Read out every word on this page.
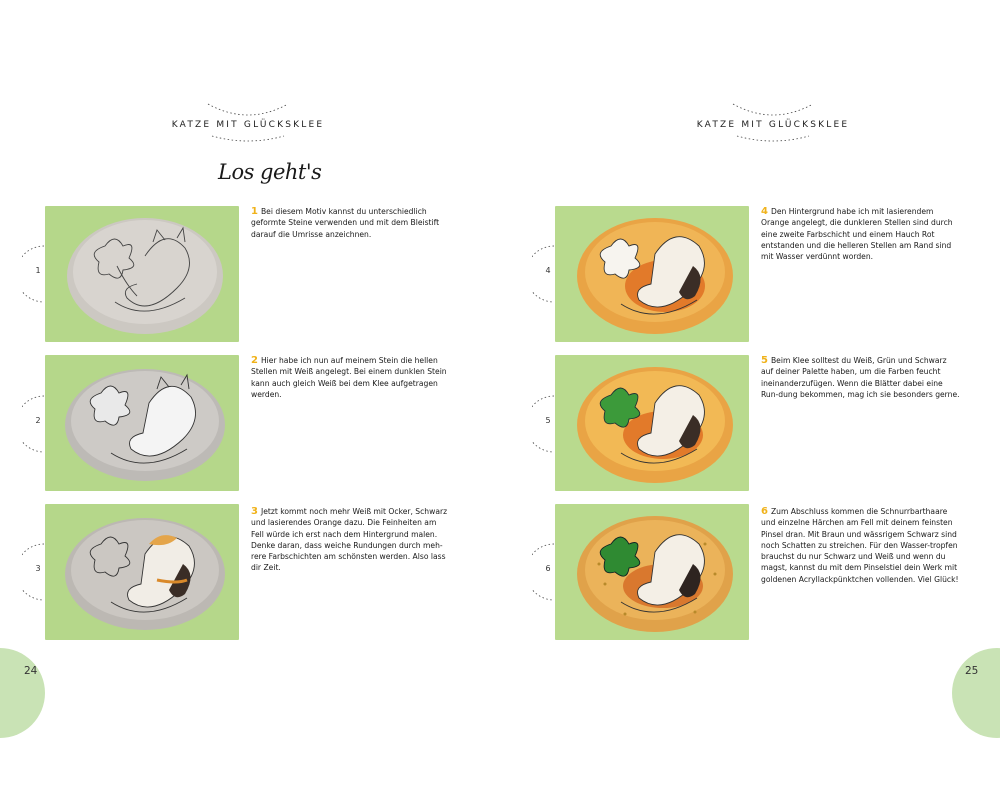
KATZE MIT GLÜCKSKLEE
Los geht's
1
1 Bei diesem Motiv kannst du unterschiedlich geformte Steine verwenden und mit dem Bleistift darauf die Umrisse anzeichnen.
2
2 Hier habe ich nun auf meinem Stein die hellen Stellen mit Weiß angelegt. Bei einem dunklen Stein kann auch gleich Weiß bei dem Klee aufgetragen werden.
3
3 Jetzt kommt noch mehr Weiß mit Ocker, Schwarz und lasierendes Orange dazu. Die Feinheiten am Fell würde ich erst nach dem Hintergrund malen. Denke daran, dass weiche Rundungen durch meh-rere Farbschichten am schönsten werden. Also lass dir Zeit.
24
KATZE MIT GLÜCKSKLEE
4
4 Den Hintergrund habe ich mit lasierendem Orange angelegt, die dunkleren Stellen sind durch eine zweite Farbschicht und einem Hauch Rot entstanden und die helleren Stellen am Rand sind mit Wasser verdünnt worden.
5
5 Beim Klee solltest du Weiß, Grün und Schwarz auf deiner Palette haben, um die Farben feucht ineinanderzufügen. Wenn die Blätter dabei eine Run-dung bekommen, mag ich sie besonders gerne.
6
6 Zum Abschluss kommen die Schnurrbarthaare und einzelne Härchen am Fell mit deinem feinsten Pinsel dran. Mit Braun und wässrigem Schwarz sind noch Schatten zu streichen. Für den Wasser-tropfen brauchst du nur Schwarz und Weiß und wenn du magst, kannst du mit dem Pinselstiel dein Werk mit goldenen Acryllackpünktchen vollenden. Viel Glück!
25
